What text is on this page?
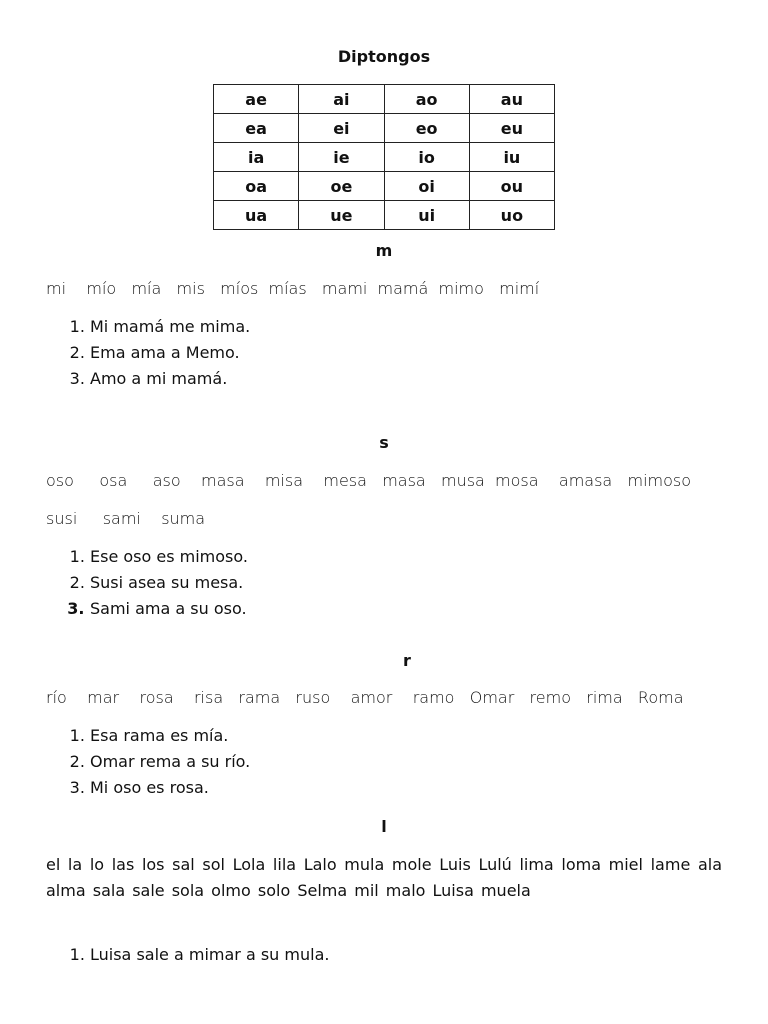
Diptongos
ae	ai	ao	au
ea	ei	eo	eu
ia	ie	io	iu
oa	oe	oi	ou
ua	ue	ui	uo
m
mi    mío   mía   mis   míos  mías   mami  mamá  mimo   mimí
1. Mi mamá me mima.
2. Ema ama a Memo.
3. Amo a mi mamá.
s
oso     osa     aso    masa    misa    mesa   masa   musa  mosa    amasa   mimoso
susi     sami    suma
1. Ese oso es mimoso.
2. Susi asea su mesa.
3. Sami ama a su oso.
r
río    mar    rosa    risa   rama   ruso    amor    ramo   Omar   remo   rima   Roma
1. Esa rama es mía.
2. Omar rema a su río.
3. Mi oso es rosa.
l
el la lo las los sal sol Lola lila Lalo mula mole Luis Lulú lima loma miel lame ala alma sala sale sola olmo solo Selma mil malo Luisa muela
1. Luisa sale a mimar a su mula.
